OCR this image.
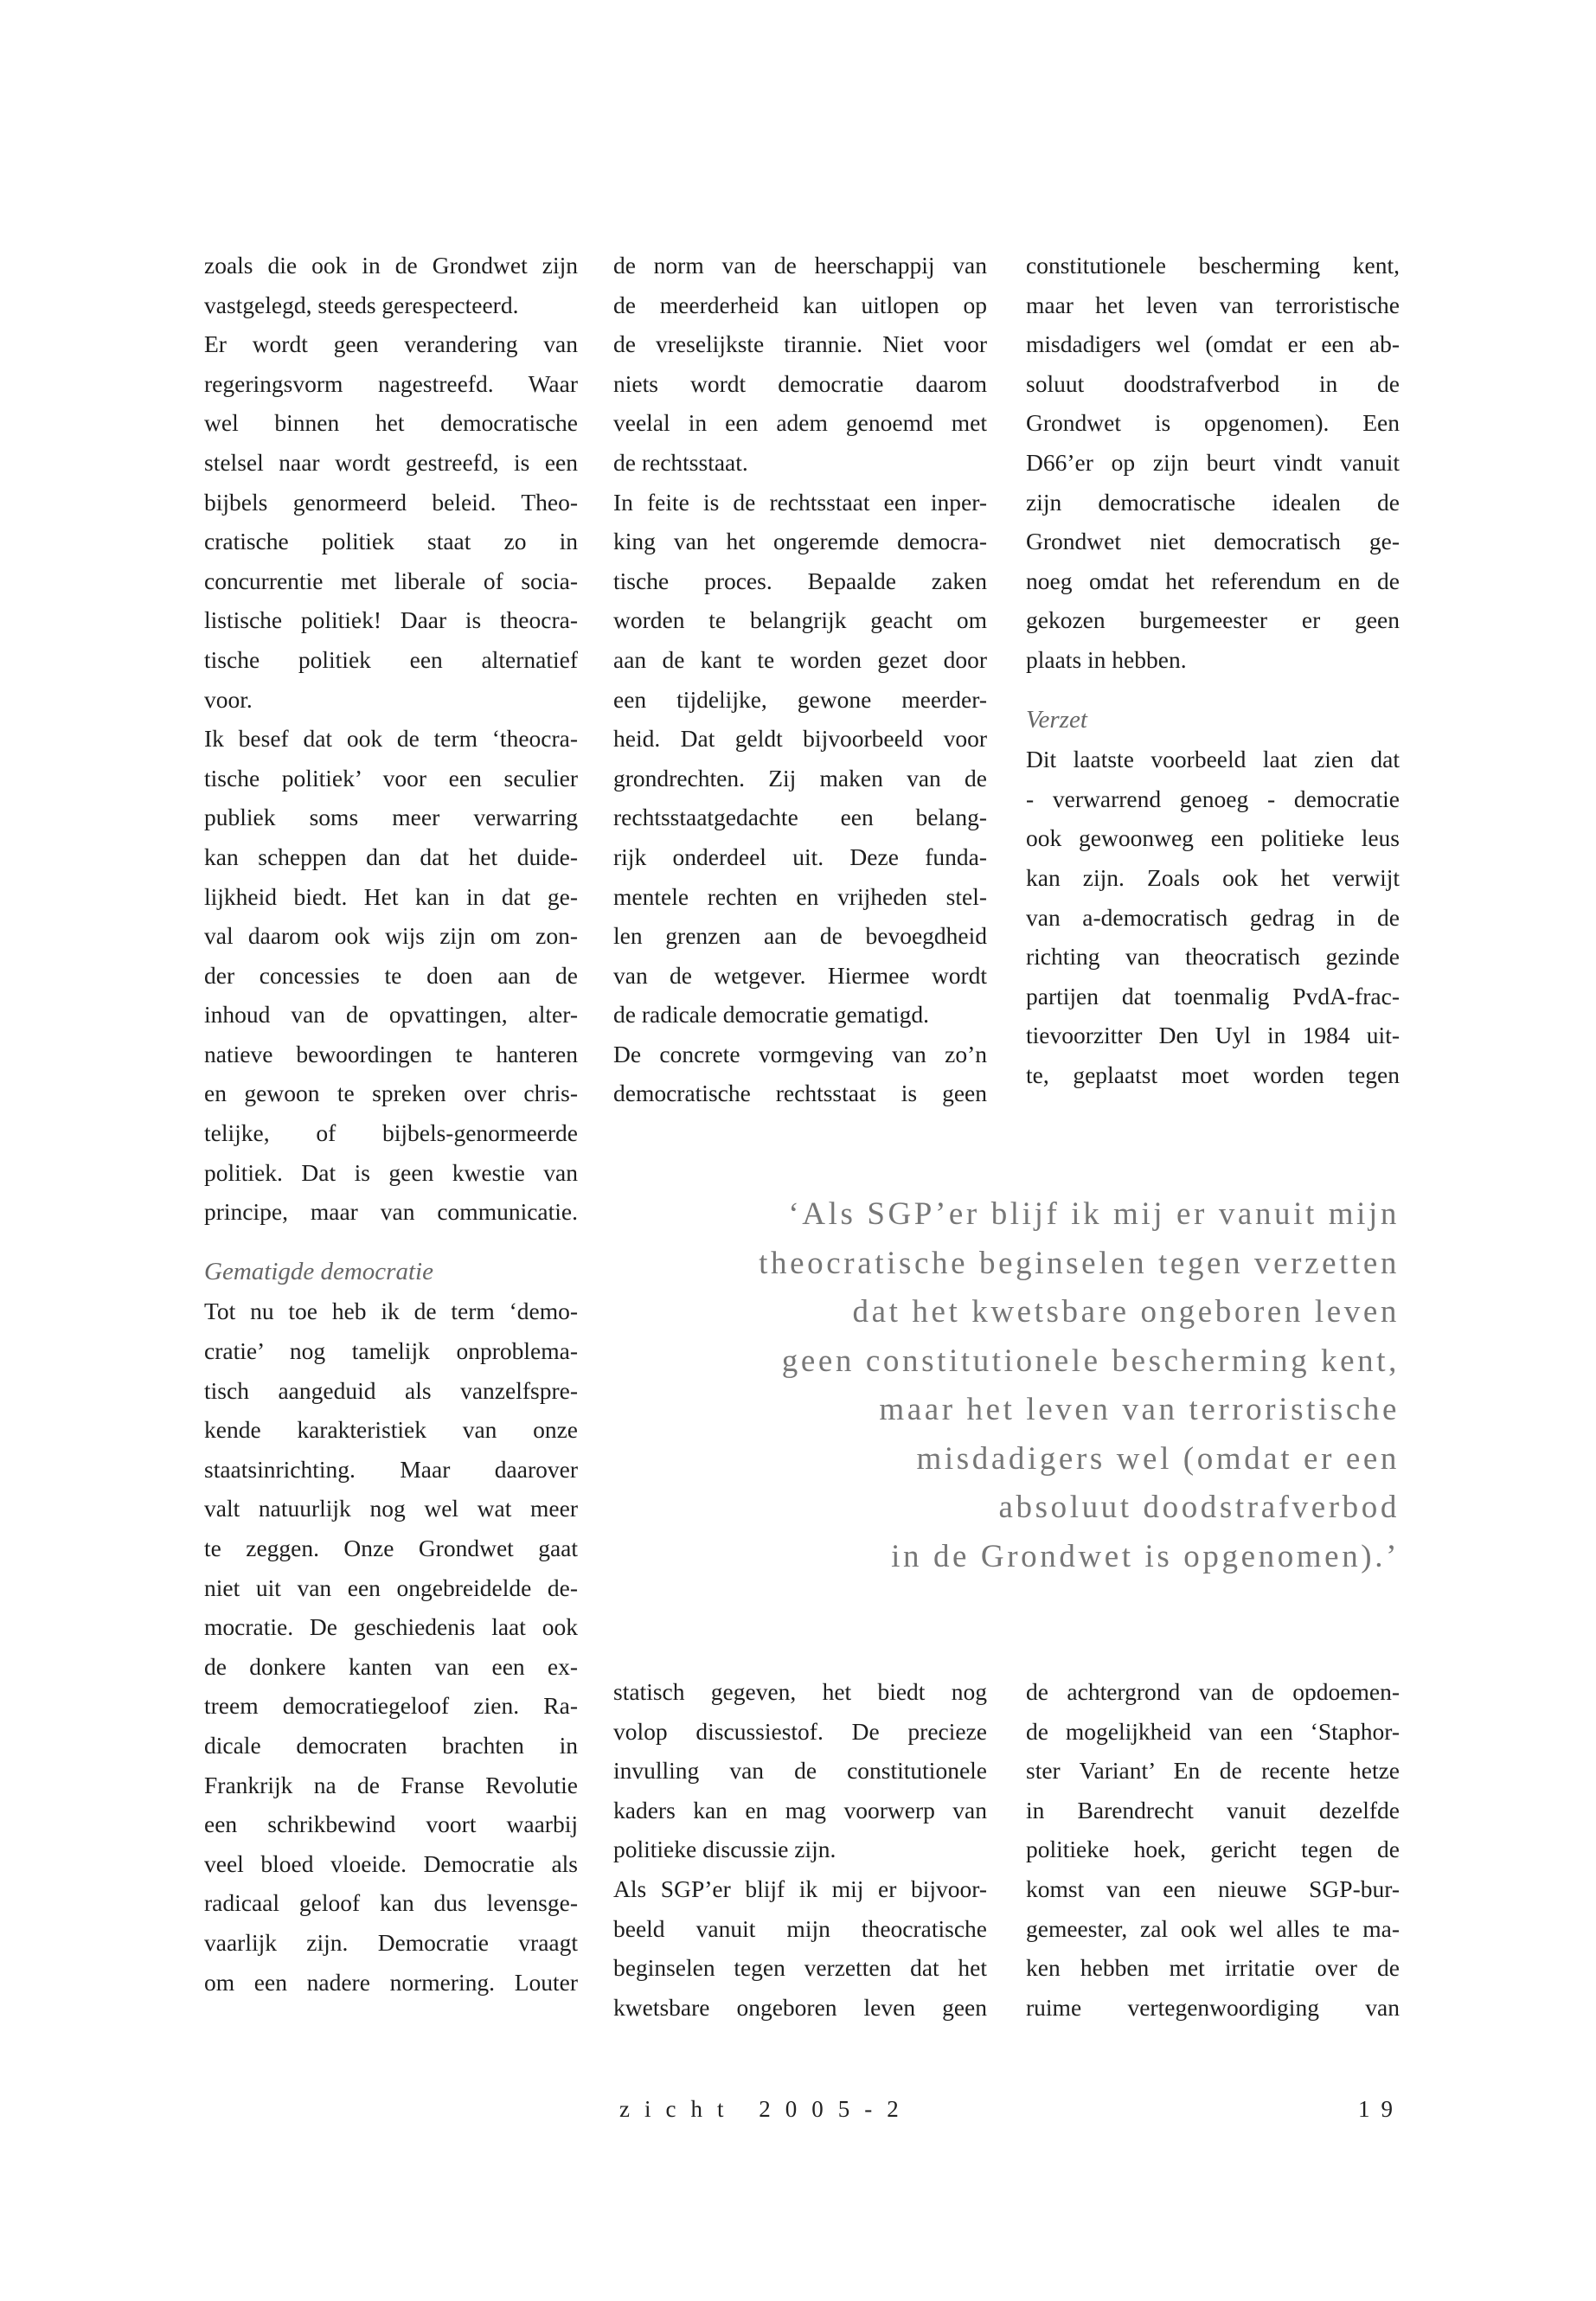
zoals die ook in de Grondwet zijn
vastgelegd, steeds gerespecteerd.
Er wordt geen verandering van
regeringsvorm nagestreefd. Waar
wel binnen het democratische
stelsel naar wordt gestreefd, is een
bijbels genormeerd beleid. Theo-
cratische politiek staat zo in
concurrentie met liberale of socia-
listische politiek! Daar is theocra-
tische politiek een alternatief
voor.
Ik besef dat ook de term ‘theocra-
tische politiek’ voor een seculier
publiek soms meer verwarring
kan scheppen dan dat het duide-
lijkheid biedt. Het kan in dat ge-
val daarom ook wijs zijn om zon-
der concessies te doen aan de
inhoud van de opvattingen, alter-
natieve bewoordingen te hanteren
en gewoon te spreken over chris-
telijke, of bijbels-genormeerde
politiek. Dat is geen kwestie van
principe, maar van communicatie.
Gematigde democratie
Tot nu toe heb ik de term ‘demo-
cratie’ nog tamelijk onproblema-
tisch aangeduid als vanzelfspre-
kende karakteristiek van onze
staatsinrichting. Maar daarover
valt natuurlijk nog wel wat meer
te zeggen. Onze Grondwet gaat
niet uit van een ongebreidelde de-
mocratie. De geschiedenis laat ook
de donkere kanten van een ex-
treem democratiegeloof zien. Ra-
dicale democraten brachten in
Frankrijk na de Franse Revolutie
een schrikbewind voort waarbij
veel bloed vloeide. Democratie als
radicaal geloof kan dus levensge-
vaarlijk zijn. Democratie vraagt
om een nadere normering. Louter
de norm van de heerschappij van
de meerderheid kan uitlopen op
de vreselijkste tirannie. Niet voor
niets wordt democratie daarom
veelal in een adem genoemd met
de rechtsstaat.
In feite is de rechtsstaat een inper-
king van het ongeremde democra-
tische proces. Bepaalde zaken
worden te belangrijk geacht om
aan de kant te worden gezet door
een tijdelijke, gewone meerder-
heid. Dat geldt bijvoorbeeld voor
grondrechten. Zij maken van de
rechtsstaatgedachte een belang-
rijk onderdeel uit. Deze funda-
mentele rechten en vrijheden stel-
len grenzen aan de bevoegdheid
van de wetgever. Hiermee wordt
de radicale democratie gematigd.
De concrete vormgeving van zo’n
democratische rechtsstaat is geen
constitutionele bescherming kent,
maar het leven van terroristische
misdadigers wel (omdat er een ab-
soluut doodstrafverbod in de
Grondwet is opgenomen). Een
D66’er op zijn beurt vindt vanuit
zijn democratische idealen de
Grondwet niet democratisch ge-
noeg omdat het referendum en de
gekozen burgemeester er geen
plaats in hebben.
Verzet
Dit laatste voorbeeld laat zien dat
- verwarrend genoeg - democratie
ook gewoonweg een politieke leus
kan zijn. Zoals ook het verwijt
van a-democratisch gedrag in de
richting van theocratisch gezinde
partijen dat toenmalig PvdA-frac-
tievoorzitter Den Uyl in 1984 uit-
te, geplaatst moet worden tegen
‘Als SGP’er blijf ik mij er vanuit mijn
theocratische beginselen tegen verzetten
dat het kwetsbare ongeboren leven
geen constitutionele bescherming kent,
maar het leven van terroristische
misdadigers wel (omdat er een
absoluut doodstrafverbod
in de Grondwet is opgenomen).’
statisch gegeven, het biedt nog
volop discussiestof. De precieze
invulling van de constitutionele
kaders kan en mag voorwerp van
politieke discussie zijn.
Als SGP’er blijf ik mij er bijvoor-
beeld vanuit mijn theocratische
beginselen tegen verzetten dat het
kwetsbare ongeboren leven geen
de achtergrond van de opdoemen-
de mogelijkheid van een ‘Staphor-
ster Variant’ En de recente hetze
in Barendrecht vanuit dezelfde
politieke hoek, gericht tegen de
komst van een nieuwe SGP-bur-
gemeester, zal ook wel alles te ma-
ken hebben met irritatie over de
ruime vertegenwoordiging van
zicht 2005-2	19
